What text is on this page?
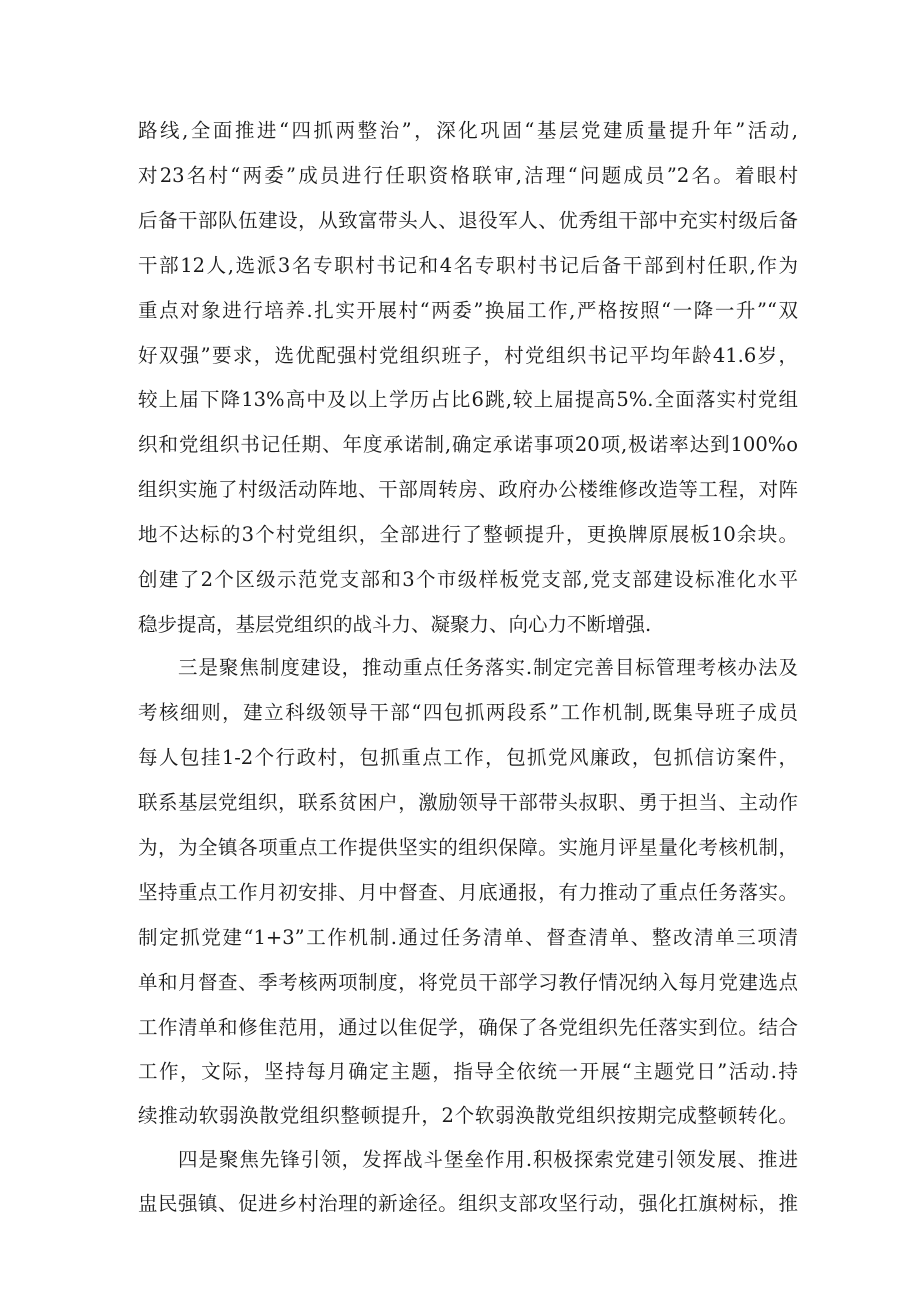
路线,全面推进“四抓两整治”，深化巩固“基层党建质量提升年”活动,
对23名村“两委”成员进行任职资格联审,洁理“问题成员”2名。着眼村
后备干部队伍建设，从致富带头人、退役军人、优秀组干部中充实村级后备
干部12人,选派3名专职村书记和4名专职村书记后备干部到村任职,作为
重点对象进行培养.扎实开展村“两委”换届工作,严格按照“一降一升”“双
好双强”要求，选优配强村党组织班子，村党组织书记平均年龄41.6岁，
较上届下降13%高中及以上学历占比6跳,较上届提高5%.全面落实村党组
织和党组织书记任期、年度承诺制,确定承诺事项20项,极诺率达到100%o
组织实施了村级活动阵地、干部周转房、政府办公楼维修改造等工程，对阵
地不达标的3个村党组织，全部进行了整顿提升，更换牌原展板10余块。
创建了2个区级示范党支部和3个市级样板党支部,党支部建设标准化水平
稳步提高，基层党组织的战斗力、凝聚力、向心力不断增强.
三是聚焦制度建设，推动重点任务落实.制定完善目标管理考核办法及
考核细则，建立科级领导干部“四包抓两段系”工作机制,既集导班子成员
每人包挂1-2个行政村，包抓重点工作，包抓党风廉政，包抓信访案件，
联系基层党组织，联系贫困户，激励领导干部带头叔职、勇于担当、主动作
为，为全镇各项重点工作提供坚实的组织保障。实施月评星量化考核机制，
坚持重点工作月初安排、月中督查、月底通报，有力推动了重点任务落实。
制定抓党建“1+3”工作机制.通过任务清单、督查清单、整改清单三项清
单和月督查、季考核两项制度，将党员干部学习教仔情况纳入每月党建选点
工作清单和修隹范用，通过以隹促学，确保了各党组织先任落实到位。结合
工作，文际，坚持每月确定主题，指导全依统一开展“主题党日”活动.持
续推动软弱涣散党组织整顿提升，2个软弱涣散党组织按期完成整顿转化。
四是聚焦先锋引领，发挥战斗堡垒作用.积极探索党建引领发展、推进
盅民强镇、促进乡村治理的新途径。组织支部攻坚行动，强化扛旗树标，推
